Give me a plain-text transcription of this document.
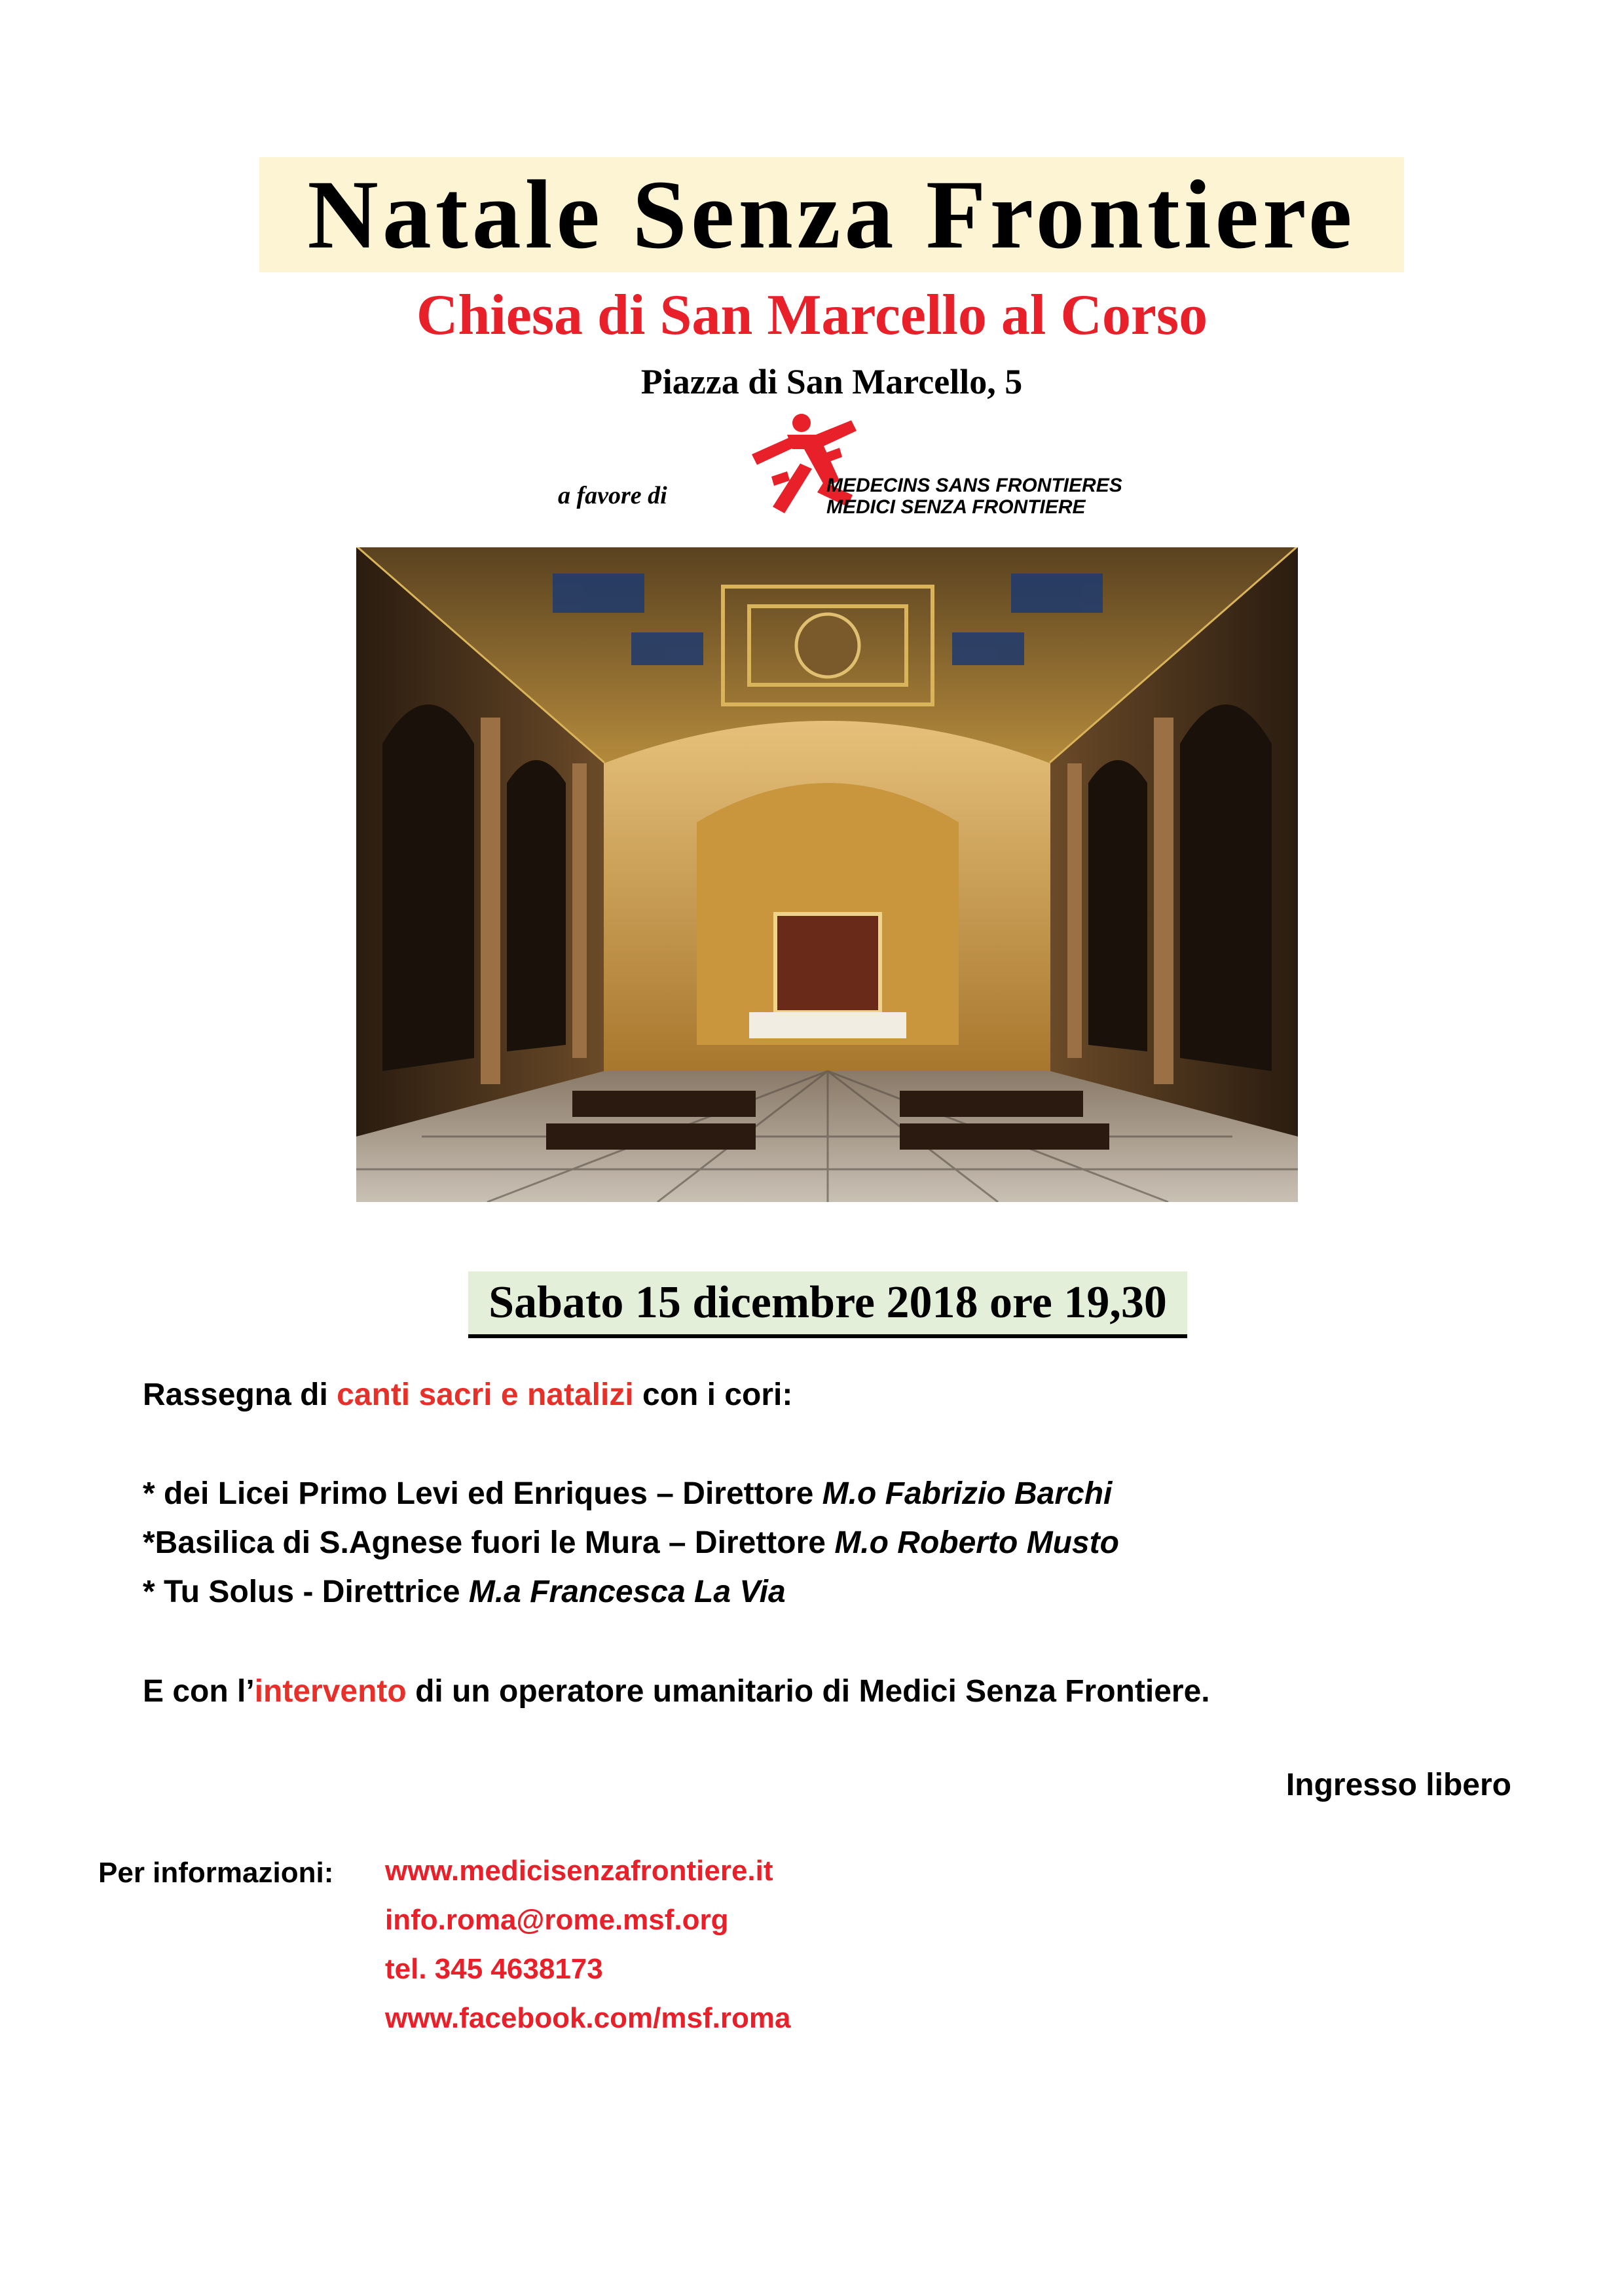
Natale Senza Frontiere
Chiesa di San Marcello al Corso
Piazza di San Marcello, 5
a favore di	MEDECINS SANS FRONTIERES
MEDICI SENZA FRONTIERE
Sabato 15 dicembre 2018 ore 19,30
Rassegna di canti sacri e natalizi con i cori:
* dei Licei Primo Levi ed Enriques – Direttore M.o Fabrizio Barchi
*Basilica di S.Agnese fuori le Mura – Direttore M.o Roberto Musto
* Tu Solus - Direttrice M.a Francesca La Via
E con l’intervento di un operatore umanitario di Medici Senza Frontiere.
Ingresso libero
Per informazioni: www.medicisenzafrontiere.it
info.roma@rome.msf.org
tel. 345 4638173
www.facebook.com/msf.roma
